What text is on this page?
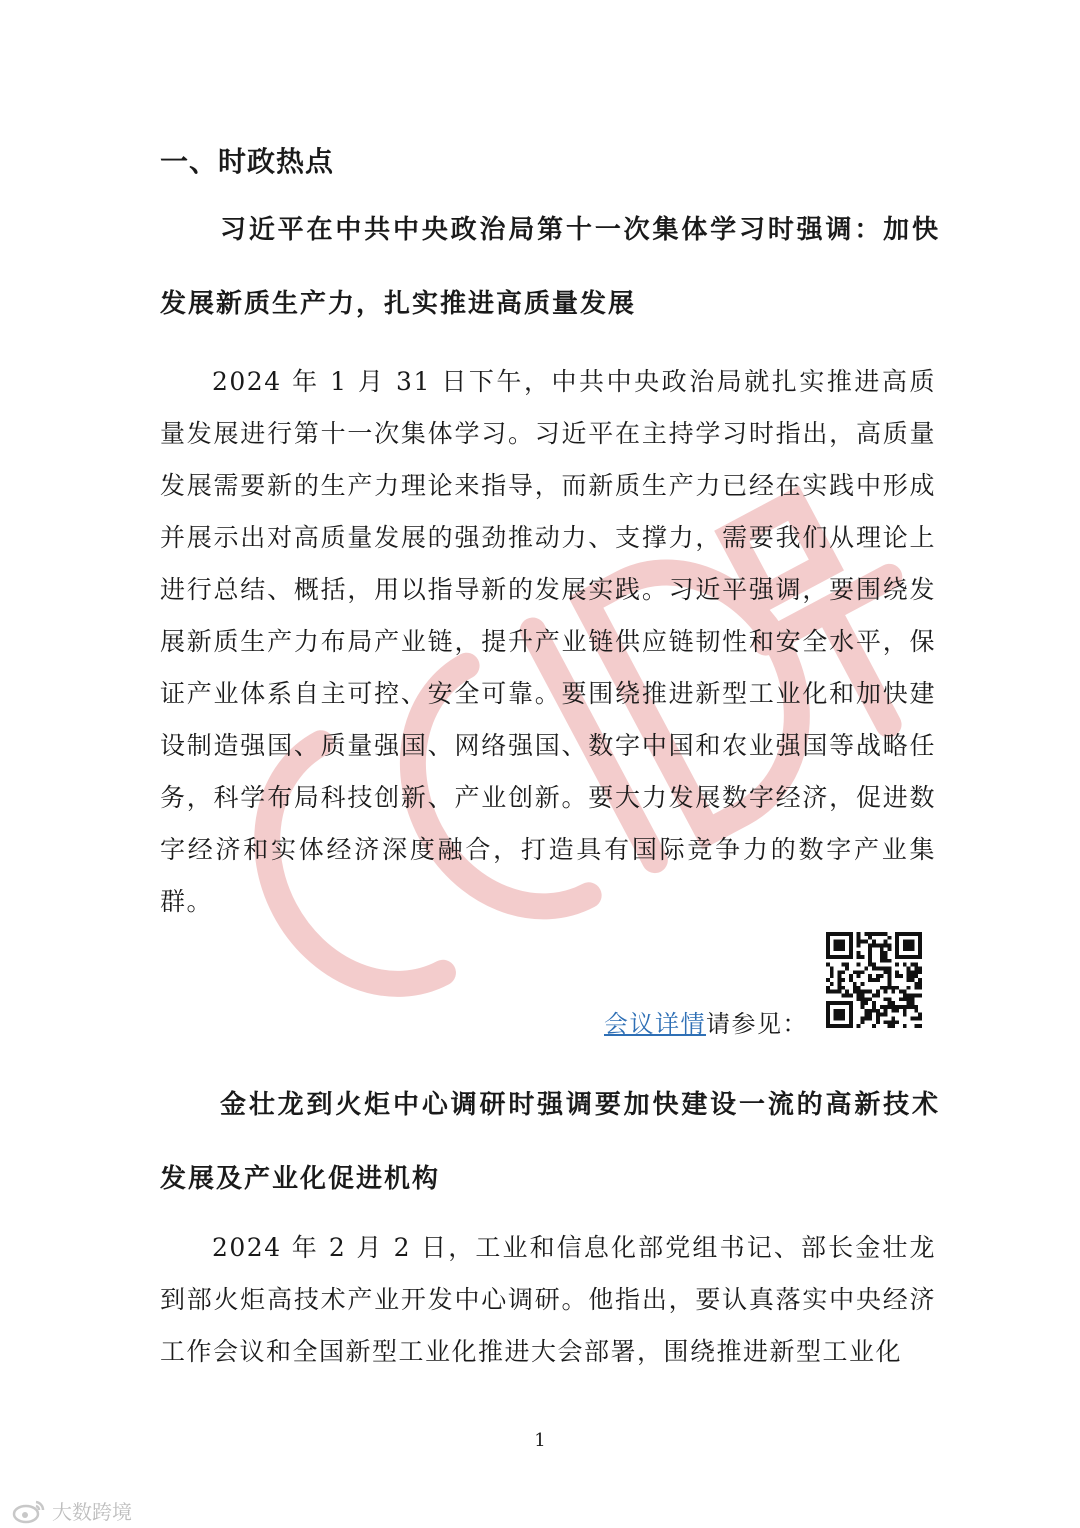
一、时政热点
习近平在中共中央政治局第十一次集体学习时强调：加快发展新质生产力，扎实推进高质量发展
2024 年 1 月 31 日下午，中共中央政治局就扎实推进高质量发展进行第十一次集体学习。习近平在主持学习时指出，高质量发展需要新的生产力理论来指导，而新质生产力已经在实践中形成并展示出对高质量发展的强劲推动力、支撑力，需要我们从理论上进行总结、概括，用以指导新的发展实践。习近平强调，要围绕发展新质生产力布局产业链，提升产业链供应链韧性和安全水平，保证产业体系自主可控、安全可靠。要围绕推进新型工业化和加快建设制造强国、质量强国、网络强国、数字中国和农业强国等战略任务，科学布局科技创新、产业创新。要大力发展数字经济，促进数字经济和实体经济深度融合，打造具有国际竞争力的数字产业集群。
会议详情请参见：
金壮龙到火炬中心调研时强调要加快建设一流的高新技术发展及产业化促进机构
2024 年 2 月 2 日，工业和信息化部党组书记、部长金壮龙到部火炬高技术产业开发中心调研。他指出，要认真落实中央经济工作会议和全国新型工业化推进大会部署，围绕推进新型工业化
1
大数跨境
